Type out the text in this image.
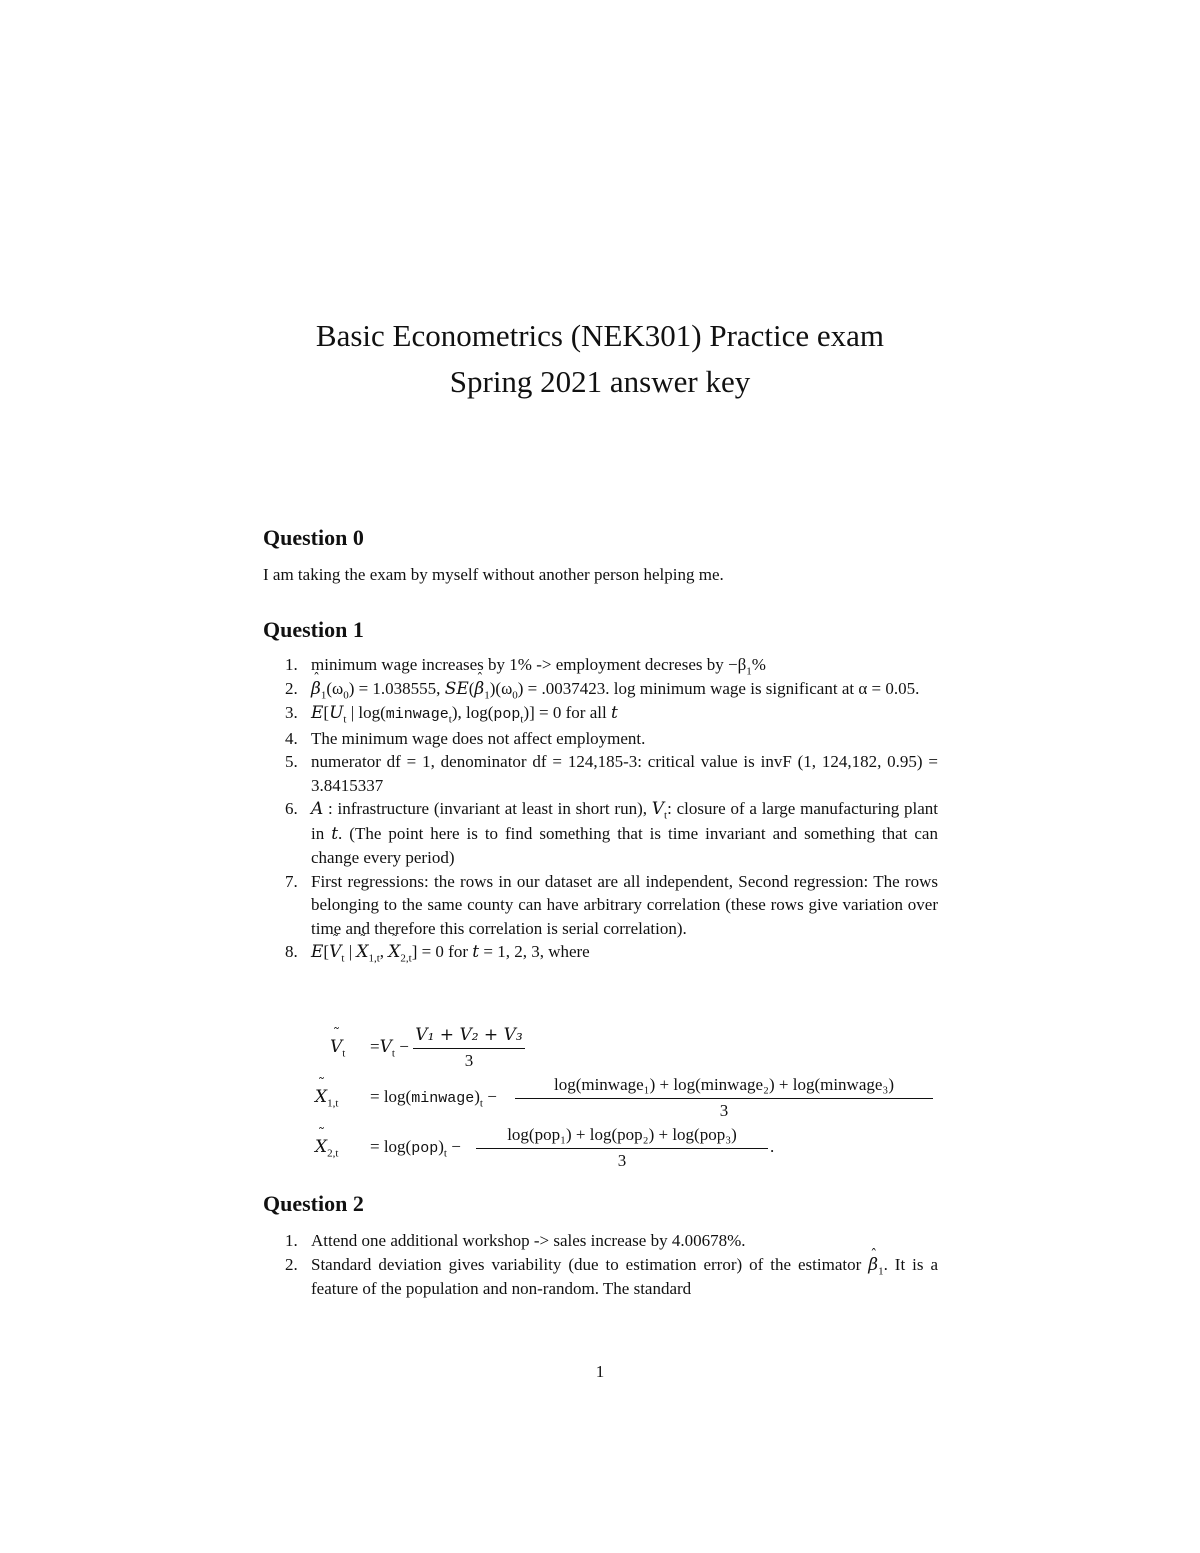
Basic Econometrics (NEK301) Practice exam
Spring 2021 answer key
Question 0

I am taking the exam by myself without another person helping me.

Question 1
1. minimum wage increases by 1% -> employment decreses by $-\beta_1\%$
2.
ˆ $\beta_1(\omega_0) = 1.038555$, SE(ˆ $\beta_1)(\omega_0) = .0037423$. log minimum wage is significant at α = 0.05.
3. $E[U_t$ | log(minwage$_t$), log(pop$_t$)] = 0 for all t
4. The minimum wage does not affect employment.
5. numerator df = 1, denominator df = 124,185-3: critical value is invF (1, 124,182, 0.95) = 3.8415337
6. A : infrastructure (invariant at least in short run), $V_t$: closure of a large manufacturing plant in t. (The point here is to find something that is time invariant and something that can change every period)
7. First regressions: the rows in our dataset are all independent, Second regression: The rows belonging to the same county can have arbitrary correlation (these rows give variation over time and therefore this correlation is serial correlation).
8. E[˜ $V_t$ | ˜ $X_{1,t}$, ˜ $X_{2,t}] = 0$ for t = 1, 2, 3, where
˜ $V_t =V_t - \frac{\text{V₁ + V₂ + V₃}}{3}$
˜ $X_{1,t}$ = $\log(minwage)_t$ −
log(minwage₁) + log(minwage₂) + log(minwage₃)
3
˜ $X_{2,t} = \log(pop)_t$ −
log(pop₁) + log(pop₂) + log(pop₃)
3
.
Question 2
1. Attend one additional workshop -> sales increase by 4.00678%.
2. Standard deviation gives variability (due to estimation error) of the estimator ˆ $\beta_1$. It is a feature of the population and non-random. The standard
1
